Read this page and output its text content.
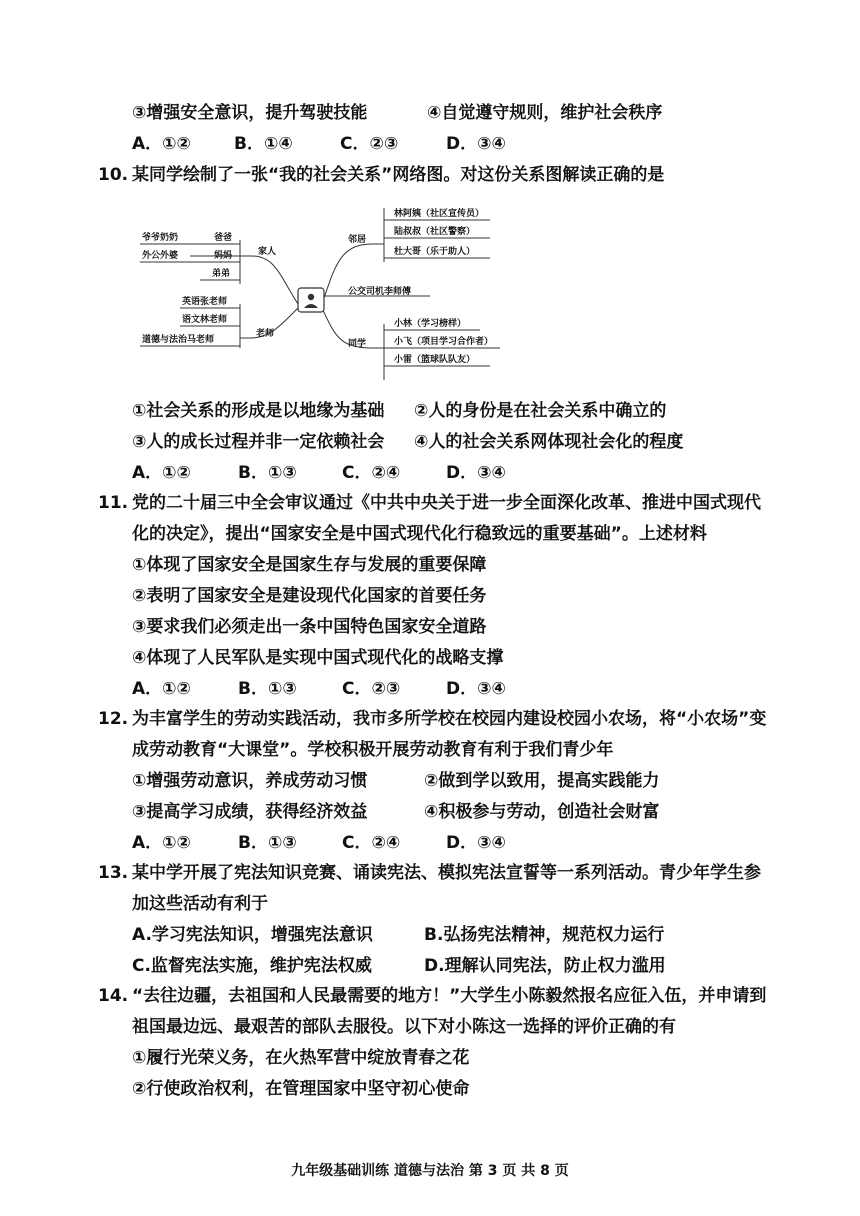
③增强安全意识，提升驾驶技能	④自觉遵守规则，维护社会秩序
A．①②	B．①④	C．②③	D．③④
10. 某同学绘制了一张“我的社会关系”网络图。对这份关系图解读正确的是
爷爷奶奶	爸爸
外公外婆	妈妈
弟弟
家人
英语张老师
语文林老师
道德与法治马老师
老师
邻居
林阿姨（社区宣传员）
陆叔叔（社区警察）
杜大哥（乐于助人）
公交司机李师傅
同学
小林（学习榜样）
小飞（项目学习合作者）
小雷（篮球队队友）
①社会关系的形成是以地缘为基础 ②人的身份是在社会关系中确立的
③人的成长过程并非一定依赖社会 ④人的社会关系网体现社会化的程度
A．①②	B．①③	C．②④	D．③④
11. 党的二十届三中全会审议通过《中共中央关于进一步全面深化改革、推进中国式现代
化的决定》，提出“国家安全是中国式现代化行稳致远的重要基础”。上述材料
①体现了国家安全是国家生存与发展的重要保障
②表明了国家安全是建设现代化国家的首要任务
③要求我们必须走出一条中国特色国家安全道路
④体现了人民军队是实现中国式现代化的战略支撑
A．①②	B．①③	C．②③	D．③④
12. 为丰富学生的劳动实践活动，我市多所学校在校园内建设校园小农场，将“小农场”变
成劳动教育“大课堂”。学校积极开展劳动教育有利于我们青少年
①增强劳动意识，养成劳动习惯	②做到学以致用，提高实践能力
③提高学习成绩，获得经济效益	④积极参与劳动，创造社会财富
A．①②	B．①③	C．②④	D．③④
13. 某中学开展了宪法知识竞赛、诵读宪法、模拟宪法宣誓等一系列活动。青少年学生参
加这些活动有利于
A.学习宪法知识，增强宪法意识	B.弘扬宪法精神，规范权力运行
C.监督宪法实施，维护宪法权威	D.理解认同宪法，防止权力滥用
14. “去往边疆，去祖国和人民最需要的地方！”大学生小陈毅然报名应征入伍，并申请到
祖国最边远、最艰苦的部队去服役。以下对小陈这一选择的评价正确的有
①履行光荣义务，在火热军营中绽放青春之花
②行使政治权利，在管理国家中坚守初心使命
九年级基础训练 道德与法治 第 3 页 共 8 页
